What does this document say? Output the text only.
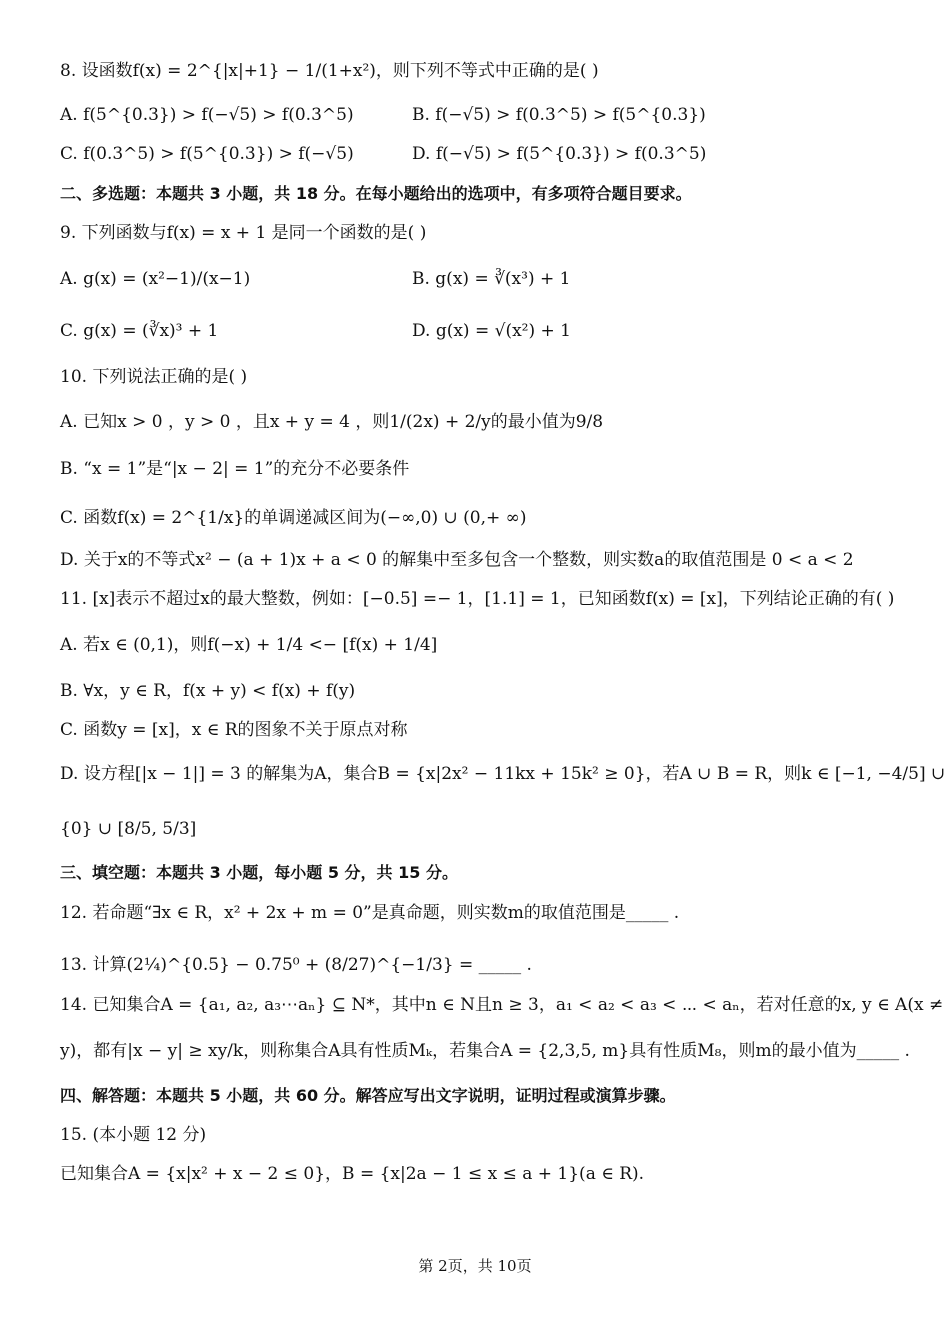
8. 设函数f(x) = 2^{|x|+1} − 1/(1+x²)，则下列不等式中正确的是( )
A. f(5^{0.3}) > f(−√5) > f(0.3^5)	B. f(−√5) > f(0.3^5) > f(5^{0.3})
C. f(0.3^5) > f(5^{0.3}) > f(−√5)	D. f(−√5) > f(5^{0.3}) > f(0.3^5)
二、多选题：本题共 3 小题，共 18 分。在每小题给出的选项中，有多项符合题目要求。
9. 下列函数与f(x) = x + 1 是同一个函数的是( )
A. g(x) = (x²−1)/(x−1)	B. g(x) = ∛(x³) + 1
C. g(x) = (∛x)³ + 1	D. g(x) = √(x²) + 1
10. 下列说法正确的是( )
A. 已知x > 0 ，y > 0 ，且x + y = 4 ，则1/(2x) + 2/y的最小值为9/8
B. “x = 1”是“|x − 2| = 1”的充分不必要条件
C. 函数f(x) = 2^{1/x}的单调递减区间为(−∞,0) ∪ (0,+ ∞)
D. 关于x的不等式x² − (a + 1)x + a < 0 的解集中至多包含一个整数，则实数a的取值范围是 0 < a < 2
11. [x]表示不超过x的最大整数，例如：[−0.5] =− 1，[1.1] = 1，已知函数f(x) = [x]，下列结论正确的有( )
A. 若x ∈ (0,1)，则f(−x) + 1/4 <− [f(x) + 1/4]
B. ∀x，y ∈ R，f(x + y) < f(x) + f(y)
C. 函数y = [x]，x ∈ R的图象不关于原点对称
D. 设方程[|x − 1|] = 3 的解集为A，集合B = {x|2x² − 11kx + 15k² ≥ 0}，若A ∪ B = R，则k ∈ [−1, −4/5] ∪
{0} ∪ [8/5, 5/3]
三、填空题：本题共 3 小题，每小题 5 分，共 15 分。
12. 若命题“∃x ∈ R，x² + 2x + m = 0”是真命题，则实数m的取值范围是_____ .
13. 计算(2¼)^{0.5} − 0.75⁰ + (8/27)^{−1/3} = _____ .
14. 已知集合A = {a₁, a₂, a₃⋯aₙ} ⊆ N*，其中n ∈ N且n ≥ 3，a₁ < a₂ < a₃ < ⋯ < aₙ，若对任意的x, y ∈ A(x ≠
y)，都有|x − y| ≥ xy/k，则称集合A具有性质Mₖ，若集合A = {2,3,5, m}具有性质M₈，则m的最小值为_____ .
四、解答题：本题共 5 小题，共 60 分。解答应写出文字说明，证明过程或演算步骤。
15. (本小题 12 分)
已知集合A = {x|x² + x − 2 ≤ 0}，B = {x|2a − 1 ≤ x ≤ a + 1}(a ∈ R).
第 2页，共 10页
